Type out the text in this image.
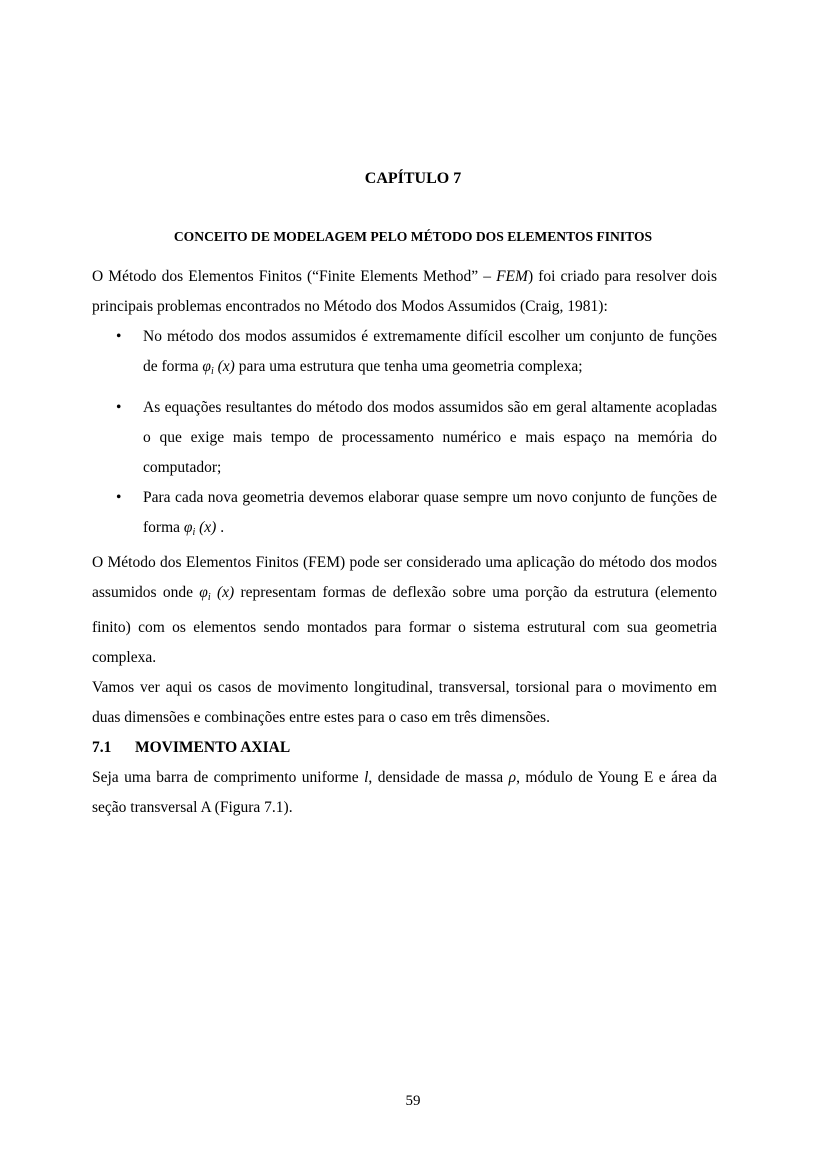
CAPÍTULO 7
CONCEITO DE MODELAGEM PELO MÉTODO DOS ELEMENTOS FINITOS

O Método dos Elementos Finitos (“Finite Elements Method” – FEM) foi criado para resolver dois principais problemas encontrados no Método dos Modos Assumidos (Craig, 1981):

• No método dos modos assumidos é extremamente difícil escolher um conjunto de funções de forma $\varphi_i$ (x) para uma estrutura que tenha uma geometria complexa;

• As equações resultantes do método dos modos assumidos são em geral altamente acopladas o que exige mais tempo de processamento numérico e mais espaço na memória do computador;

• Para cada nova geometria devemos elaborar quase sempre um novo conjunto de funções de forma $\varphi_i$ (x) .

O Método dos Elementos Finitos (FEM) pode ser considerado uma aplicação do método dos modos assumidos onde $\varphi_i$ (x) representam formas de deflexão sobre uma porção da estrutura (elemento finito) com os elementos sendo montados para formar o sistema estrutural com sua geometria complexa.

Vamos ver aqui os casos de movimento longitudinal, transversal, torsional para o movimento em duas dimensões e combinações entre estes para o caso em três dimensões.

7.1 MOVIMENTO AXIAL

Seja uma barra de comprimento uniforme l, densidade de massa ρ, módulo de Young E e área da seção transversal A (Figura 7.1).

59
